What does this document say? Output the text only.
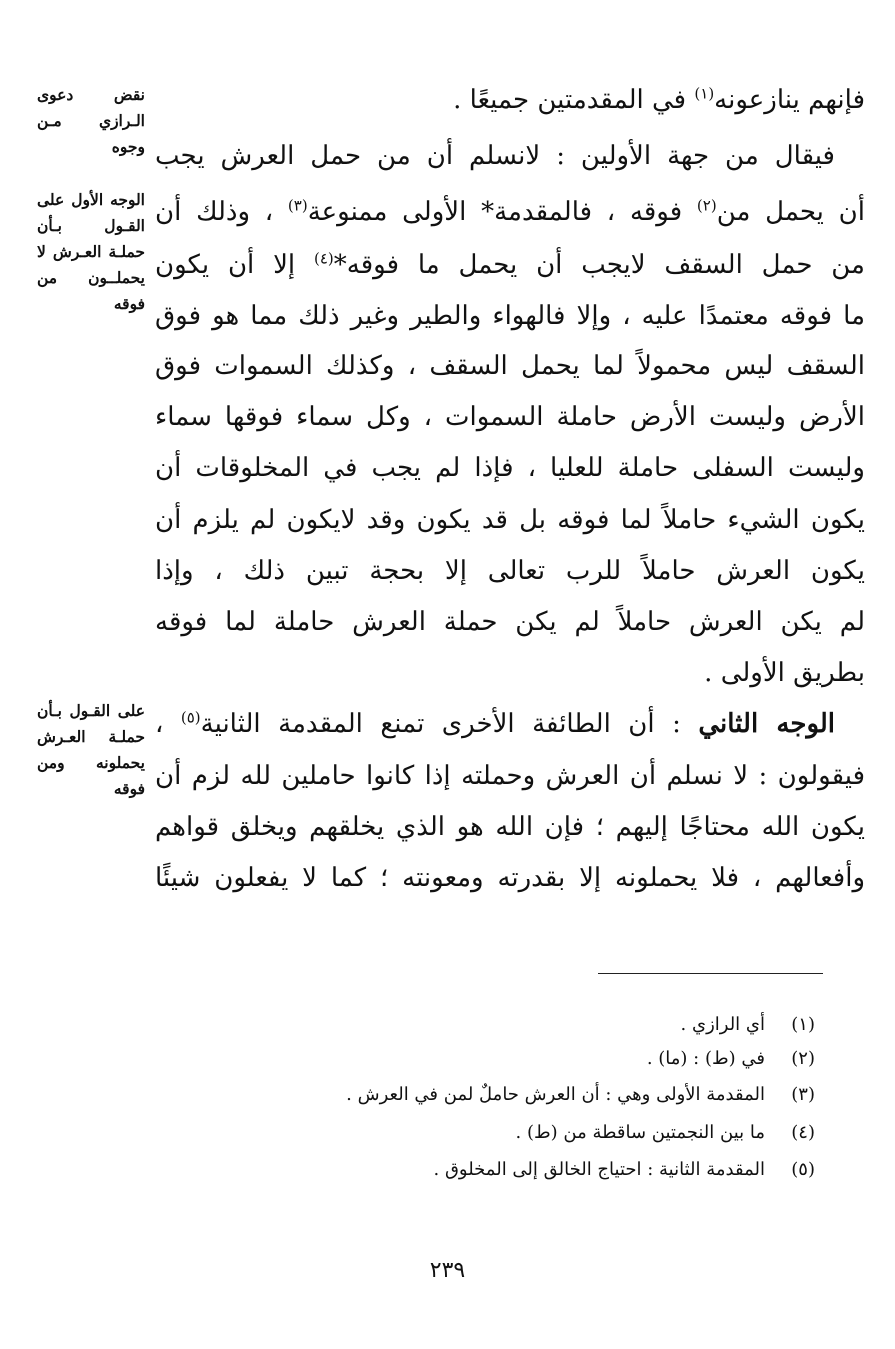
نقض دعوى الـرازي مـن وجوه
الوجه الأول على القـول بـأن حملـة العـرش لا يحملــون من فوقه
على القـول بـأن حملـة العـرش يحملونه ومن فوقه
فإنهم ينازعونه$^{(١)}$ في المقدمتين جميعًا .
فيقال من جهة الأولين : لانسلم أن من حمل العرش يجب
أن يحمل من$^{(٢)}$ فوقه ، فالمقدمة* الأولى ممنوعة$^{(٣)}$ ، وذلك أن
من حمل السقف لايجب أن يحمل ما فوقه*$^{(٤)}$ إلا أن يكون
ما فوقه معتمدًا عليه ، وإلا فالهواء والطير وغير ذلك مما هو فوق
السقف ليس محمولاً لما يحمل السقف ، وكذلك السموات فوق
الأرض وليست الأرض حاملة السموات ، وكل سماء فوقها سماء
وليست السفلى حاملة للعليا ، فإذا لم يجب في المخلوقات أن
يكون الشيء حاملاً لما فوقه بل قد يكون وقد لايكون لم يلزم أن
يكون العرش حاملاً للرب تعالى إلا بحجة تبين ذلك ، وإذا
لم يكن العرش حاملاً لم يكن حملة العرش حاملة لما فوقه
بطريق الأولى .
الوجه الثاني : أن الطائفة الأخرى تمنع المقدمة الثانية$^{(٥)}$ ،
فيقولون : لا نسلم أن العرش وحملته إذا كانوا حاملين لله لزم أن
يكون الله محتاجًا إليهم ؛ فإن الله هو الذي يخلقهم ويخلق قواهم
وأفعالهم ، فلا يحملونه إلا بقدرته ومعونته ؛ كما لا يفعلون شيئًا
(١)أي الرازي .
(٢)في (ط) : (ما) .
(٣)المقدمة الأولى وهي : أن العرش حاملٌ لمن في العرش .
(٤)ما بين النجمتين ساقطة من (ط) .
(٥)المقدمة الثانية : احتياج الخالق إلى المخلوق .
٢٣٩
